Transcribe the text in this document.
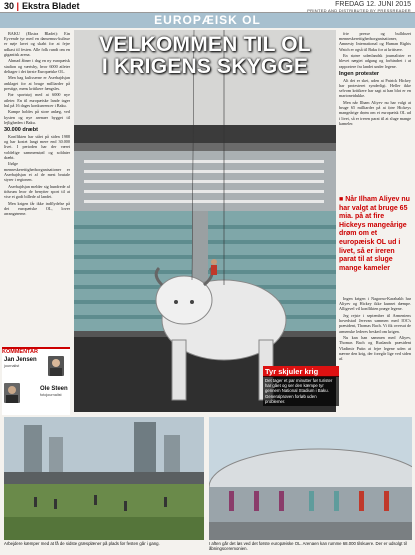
30 | Ekstra Bladet	FREDAG 12. JUNI 2015
PRINTED AND DISTRIBUTED BY PRESSREADER
EUROPÆISK OL

BAKU (Ekstra Bladet): Ein Eyvende tyr med en dansemus-kulissе er nøje lavet og skabt for at fejre udkast til festen. Alle folk rundt om en gigantisk arena.

Ahmad åbner i dag en ny europæisk stadion og værtsby, hvor 6000 atleter deltager i det første Europæiske OL.

Men bag kulisserne er Aserbajdsjan anklaget for at bruge milliarder på prestige, mens kritikere fængsles.

Før sportstøj med at 6000 nye atleter. En til europæiske lande tager hul på 16 dages konkurrencer i Baku.

Kampe holdes på store anlæg, ved kysten og nye arenaer bygget til lejligheden i Baku.

30.000 dræbt

Konflikten har stået på siden 1988 og har kostet langt mere end 30.000 livet. I perioden har der været voldelige sammenstød og soldater dræbt.

Ifølge menneskerettighedsorganisationer er Aserbajdsjan et af de mest brutale styrer i regionen.

Aserbajdsjan melder sig hundrede af tidsrum hvor de benytter sport til at vise et godt billede af landet.

Men krigen får ikke indflydelse på det europæiske OL, lover arrangørerne.

KOMMENTAR
Jan Jensen
journalist
Ole Steen
fotojournalist
VELKOMMEN TIL OL
I KRIGENS SKYGGE
Tyr skjuler krig
Det tager et par minutter før turister har gået og ser den kæmpe tyr gennem National Stadium i Baku. Generalprøven forløb uden problemer.

frie presse og bulldozet menneskerettighedsorganisationer, Amnesty International og Human Rights Watch er også til Baku for at kritisere.

En større udenlandsk journalister er blevet nægtet adgang og forhindret i at rapportere fra landet under legene.

Ingen protester

Alt det er sket, uden at Patrick Hickey har protesteret synderligt. Heller ikke selvom kritikere har sagt at han blot er en marionetdukke.

Men når Ilham Aliyev nu har valgt at bruge 65 milliarder på at føre Hickeys mangeårige drøm om et europæisk OL ud i livet, så er ireren parat til at sluge mange kameler.

■ Når Ilham Aliyev nu har valgt at bruge 65 mia. på at fire Hickeys mangeårige drøm om et europæisk OL ud i livet, så er ireren parat til at slugе mange kameler

Ingen krigen i Nagorno-Karabakh har Aliyev og Hickey ikke kunnet dæmpe. Alligevel vil konflikten præge legene.

Jeg rejste i september til Armeniens hovedstad Jerevan sammen med IOC's præsident, Thomas Bach. Vi fik oversat de armenske lederes besked om krigen.

Nu kan han sammen med Aliyev, Thomas Bach og Ruslands præsident Vladimir Putin at fejre legene uden at nævne den krig, der foregår lige ved siden af.

Arbejdere kæmper med at få de sidste græsplæner på plads før festen går i gang.	I aften går det løs ved det første europæiske OL. Arenaen kan rumme 68.000 tilskuere. Der er udsolgt til åbningsceremonien.
